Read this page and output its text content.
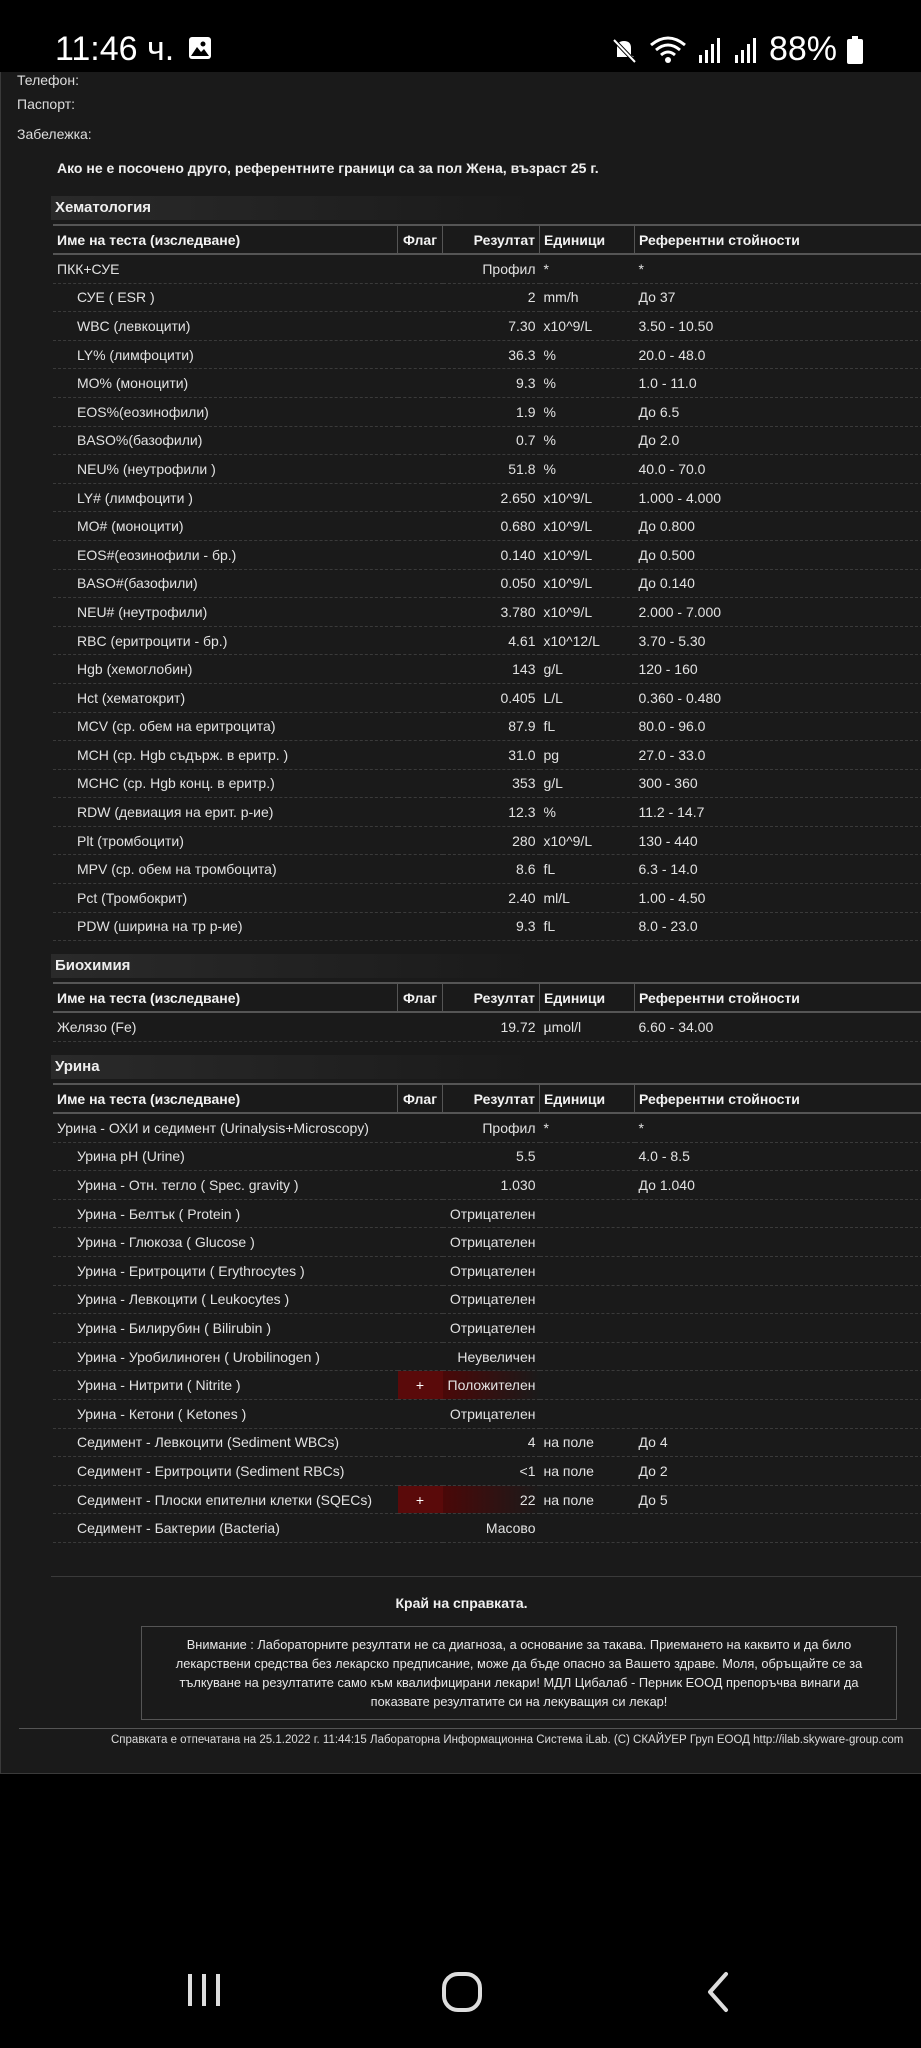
11:46 ч.	88%
Телефон:
Паспорт:
Забележка:
Ако не е посочено друго, референтните граници са за пол Жена, възраст 25 г.
Хематология
Име на теста (изследване)	Флаг	Резултат	Единици	Референтни стойности
ПКК+СУЕ		Профил	*	*
СУЕ ( ESR )		2	mm/h	До 37
WBC (левкоцити)		7.30	x10^9/L	3.50 - 10.50
LY% (лимфоцити)		36.3	%	20.0 - 48.0
MO% (моноцити)		9.3	%	1.0 - 11.0
EOS%(еозинофили)		1.9	%	До 6.5
BASO%(базофили)		0.7	%	До 2.0
NEU% (неутрофили )		51.8	%	40.0 - 70.0
LY# (лимфоцити )		2.650	x10^9/L	1.000 - 4.000
MO# (моноцити)		0.680	x10^9/L	До 0.800
EOS#(еозинофили - бр.)		0.140	x10^9/L	До 0.500
BASO#(базофили)		0.050	x10^9/L	До 0.140
NEU# (неутрофили)		3.780	x10^9/L	2.000 - 7.000
RBC (еритроцити - бр.)		4.61	x10^12/L	3.70 - 5.30
Hgb (хемоглобин)		143	g/L	120 - 160
Hct (хематокрит)		0.405	L/L	0.360 - 0.480
MCV (ср. обем на еритроцита)		87.9	fL	80.0 - 96.0
MCH (ср. Hgb съдърж. в еритр. )		31.0	pg	27.0 - 33.0
MCHC (ср. Hgb конц. в еритр.)		353	g/L	300 - 360
RDW (девиация на ерит. р-ие)		12.3	%	11.2 - 14.7
Plt (тромбоцити)		280	x10^9/L	130 - 440
MPV (ср. обем на тромбоцита)		8.6	fL	6.3 - 14.0
Pct (Тромбокрит)		2.40	ml/L	1.00 - 4.50
PDW (ширина на тр р-ие)		9.3	fL	8.0 - 23.0
Биохимия
Име на теста (изследване)	Флаг	Резултат	Единици	Референтни стойности
Желязо (Fe)		19.72	µmol/l	6.60 - 34.00
Урина
Име на теста (изследване)	Флаг	Резултат	Единици	Референтни стойности
Урина - ОХИ и седимент (Urinalysis+Microscopy)		Профил	*	*
Урина pH (Urine)		5.5		4.0 - 8.5
Урина - Отн. тегло ( Spec. gravity )		1.030		До 1.040
Урина - Белтък ( Protein )		Отрицателен		
Урина - Глюкоза ( Glucose )		Отрицателен		
Урина - Еритроцити ( Erythrocytes )		Отрицателен		
Урина - Левкоцити ( Leukocytes )		Отрицателен		
Урина - Билирубин ( Bilirubin )		Отрицателен		
Урина - Уробилиноген ( Urobilinogen )		Неувеличен		
Урина - Нитрити ( Nitrite )	+	Положителен		
Урина - Кетони ( Ketones )		Отрицателен		
Седимент - Левкоцити (Sediment WBCs)		4	на поле	До 4
Седимент - Еритроцити (Sediment RBCs)		<1	на поле	До 2
Седимент - Плоски епителни клетки (SQECs)	+	22	на поле	До 5
Седимент - Бактерии (Bacteria)		Масово		
Край на справката.
Внимание : Лабораторните резултати не са диагноза, а основание за такава. Приемането на каквито и да било лекарствени средства без лекарско предписание, може да бъде опасно за Вашето здраве. Моля, обръщайте се за тълкуване на резултатите само към квалифицирани лекари! МДЛ Цибалаб - Перник ЕООД препоръчва винаги да показвате резултатите си на лекуващия си лекар!
Справката е отпечатана на 25.1.2022 г. 11:44:15 Лабораторна Информационна Система iLab. (C) СКАЙУЕР Груп ЕООД http://ilab.skyware-group.com
